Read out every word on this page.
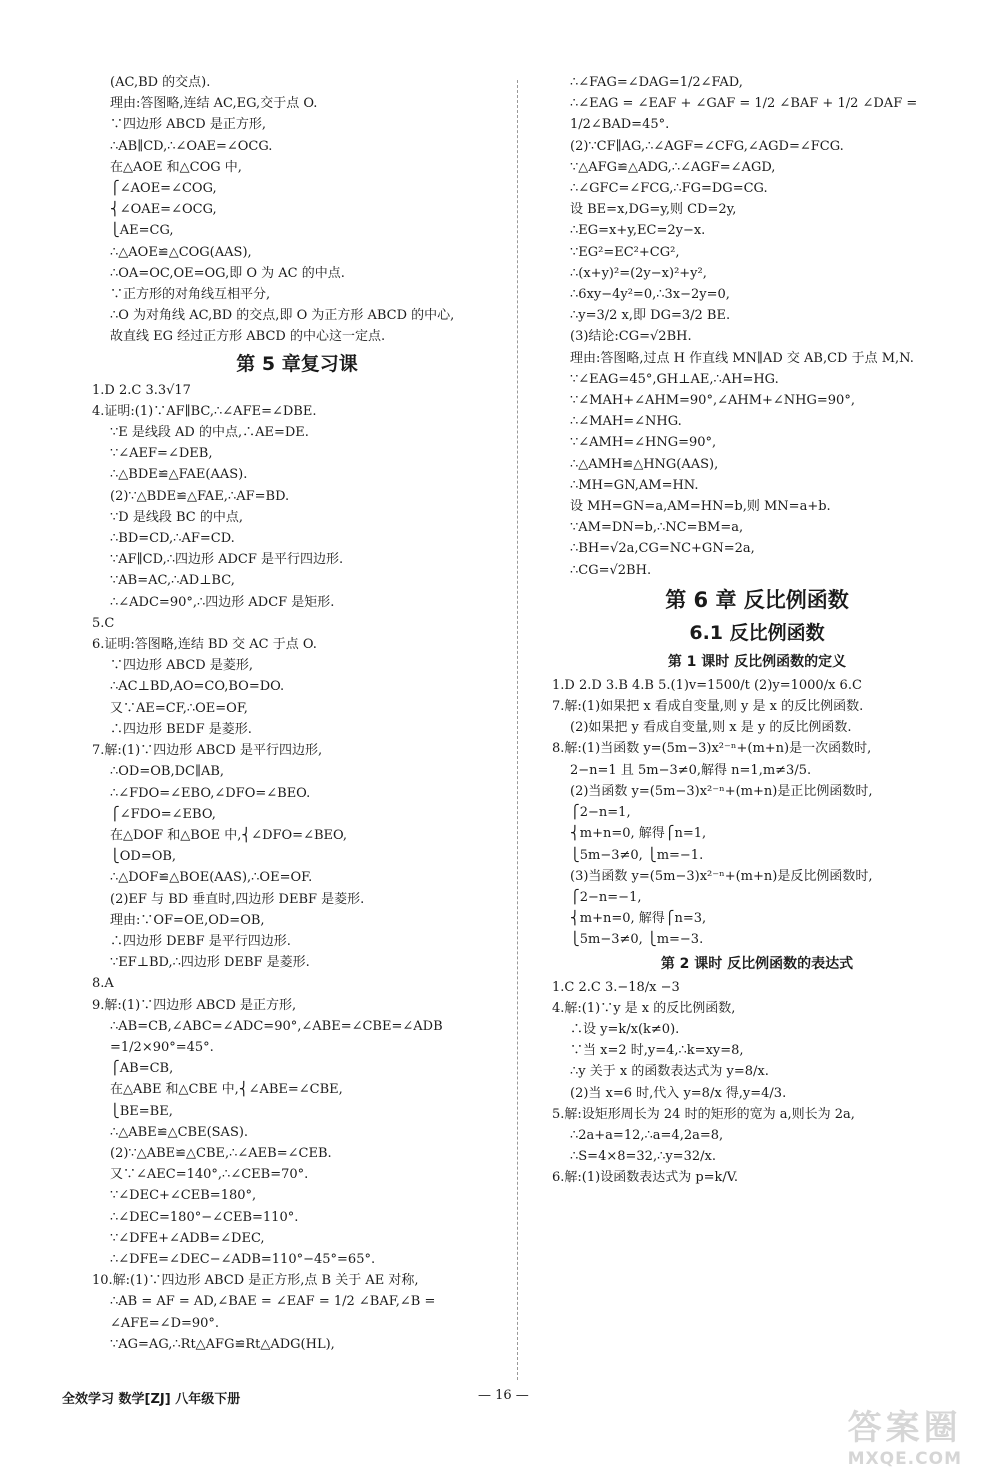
(AC,BD 的交点).
理由:答图略,连结 AC,EG,交于点 O.
∵四边形 ABCD 是正方形,
∴AB∥CD,∴∠OAE=∠OCG.
在△AOE 和△COG 中,
⎧∠AOE=∠COG,
⎨∠OAE=∠OCG,
⎩AE=CG,
∴△AOE≌△COG(AAS),
∴OA=OC,OE=OG,即 O 为 AC 的中点.
∵正方形的对角线互相平分,
∴O 为对角线 AC,BD 的交点,即 O 为正方形 ABCD 的中心,
故直线 EG 经过正方形 ABCD 的中心这一定点.
第 5 章复习课
1.D 2.C 3.3√17
4.证明:(1)∵AF∥BC,∴∠AFE=∠DBE.
∵E 是线段 AD 的中点,∴AE=DE.
∵∠AEF=∠DEB,
∴△BDE≌△FAE(AAS).
(2)∵△BDE≌△FAE,∴AF=BD.
∵D 是线段 BC 的中点,
∴BD=CD,∴AF=CD.
∵AF∥CD,∴四边形 ADCF 是平行四边形.
∵AB=AC,∴AD⊥BC,
∴∠ADC=90°,∴四边形 ADCF 是矩形.
5.C
6.证明:答图略,连结 BD 交 AC 于点 O.
∵四边形 ABCD 是菱形,
∴AC⊥BD,AO=CO,BO=DO.
又∵AE=CF,∴OE=OF,
∴四边形 BEDF 是菱形.
7.解:(1)∵四边形 ABCD 是平行四边形,
∴OD=OB,DC∥AB,
∴∠FDO=∠EBO,∠DFO=∠BEO.
⎧∠FDO=∠EBO,
在△DOF 和△BOE 中,⎨∠DFO=∠BEO,
⎩OD=OB,
∴△DOF≌△BOE(AAS),∴OE=OF.
(2)EF 与 BD 垂直时,四边形 DEBF 是菱形.
理由:∵OF=OE,OD=OB,
∴四边形 DEBF 是平行四边形.
∵EF⊥BD,∴四边形 DEBF 是菱形.
8.A
9.解:(1)∵四边形 ABCD 是正方形,
∴AB=CB,∠ABC=∠ADC=90°,∠ABE=∠CBE=∠ADB
=1/2×90°=45°.
⎧AB=CB,
在△ABE 和△CBE 中,⎨∠ABE=∠CBE,
⎩BE=BE,
∴△ABE≌△CBE(SAS).
(2)∵△ABE≌△CBE,∴∠AEB=∠CEB.
又∵∠AEC=140°,∴∠CEB=70°.
∵∠DEC+∠CEB=180°,
∴∠DEC=180°−∠CEB=110°.
∵∠DFE+∠ADB=∠DEC,
∴∠DFE=∠DEC−∠ADB=110°−45°=65°.
10.解:(1)∵四边形 ABCD 是正方形,点 B 关于 AE 对称,
∴AB = AF = AD,∠BAE = ∠EAF = 1/2 ∠BAF,∠B =
∠AFE=∠D=90°.
∵AG=AG,∴Rt△AFG≌Rt△ADG(HL),
∴∠FAG=∠DAG=1/2∠FAD,
∴∠EAG = ∠EAF + ∠GAF = 1/2 ∠BAF + 1/2 ∠DAF =
1/2∠BAD=45°.
(2)∵CF∥AG,∴∠AGF=∠CFG,∠AGD=∠FCG.
∵△AFG≌△ADG,∴∠AGF=∠AGD,
∴∠GFC=∠FCG,∴FG=DG=CG.
设 BE=x,DG=y,则 CD=2y,
∴EG=x+y,EC=2y−x.
∵EG²=EC²+CG²,
∴(x+y)²=(2y−x)²+y²,
∴6xy−4y²=0,∴3x−2y=0,
∴y=3/2 x,即 DG=3/2 BE.
(3)结论:CG=√2BH.
理由:答图略,过点 H 作直线 MN∥AD 交 AB,CD 于点 M,N.
∵∠EAG=45°,GH⊥AE,∴AH=HG.
∵∠MAH+∠AHM=90°,∠AHM+∠NHG=90°,
∴∠MAH=∠NHG.
∵∠AMH=∠HNG=90°,
∴△AMH≌△HNG(AAS),
∴MH=GN,AM=HN.
设 MH=GN=a,AM=HN=b,则 MN=a+b.
∵AM=DN=b,∴NC=BM=a,
∴BH=√2a,CG=NC+GN=2a,
∴CG=√2BH.
第 6 章 反比例函数
6.1 反比例函数
第 1 课时 反比例函数的定义
1.D 2.D 3.B 4.B 5.(1)v=1500/t (2)y=1000/x 6.C
7.解:(1)如果把 x 看成自变量,则 y 是 x 的反比例函数.
(2)如果把 y 看成自变量,则 x 是 y 的反比例函数.
8.解:(1)当函数 y=(5m−3)x²⁻ⁿ+(m+n)是一次函数时,
2−n=1 且 5m−3≠0,解得 n=1,m≠3/5.
(2)当函数 y=(5m−3)x²⁻ⁿ+(m+n)是正比例函数时,
⎧2−n=1,
⎨m+n=0, 解得⎧n=1,
⎩5m−3≠0, ⎩m=−1.
(3)当函数 y=(5m−3)x²⁻ⁿ+(m+n)是反比例函数时,
⎧2−n=−1,
⎨m+n=0, 解得⎧n=3,
⎩5m−3≠0, ⎩m=−3.
第 2 课时 反比例函数的表达式
1.C 2.C 3.−18/x −3
4.解:(1)∵y 是 x 的反比例函数,
∴设 y=k/x(k≠0).
∵当 x=2 时,y=4,∴k=xy=8,
∴y 关于 x 的函数表达式为 y=8/x.
(2)当 x=6 时,代入 y=8/x 得,y=4/3.
5.解:设矩形周长为 24 时的矩形的宽为 a,则长为 2a,
∴2a+a=12,∴a=4,2a=8,
∴S=4×8=32,∴y=32/x.
6.解:(1)设函数表达式为 p=k/V.
全效学习 数学[ZJ] 八年级下册	— 16 —
答案圈
MXQE.COM
